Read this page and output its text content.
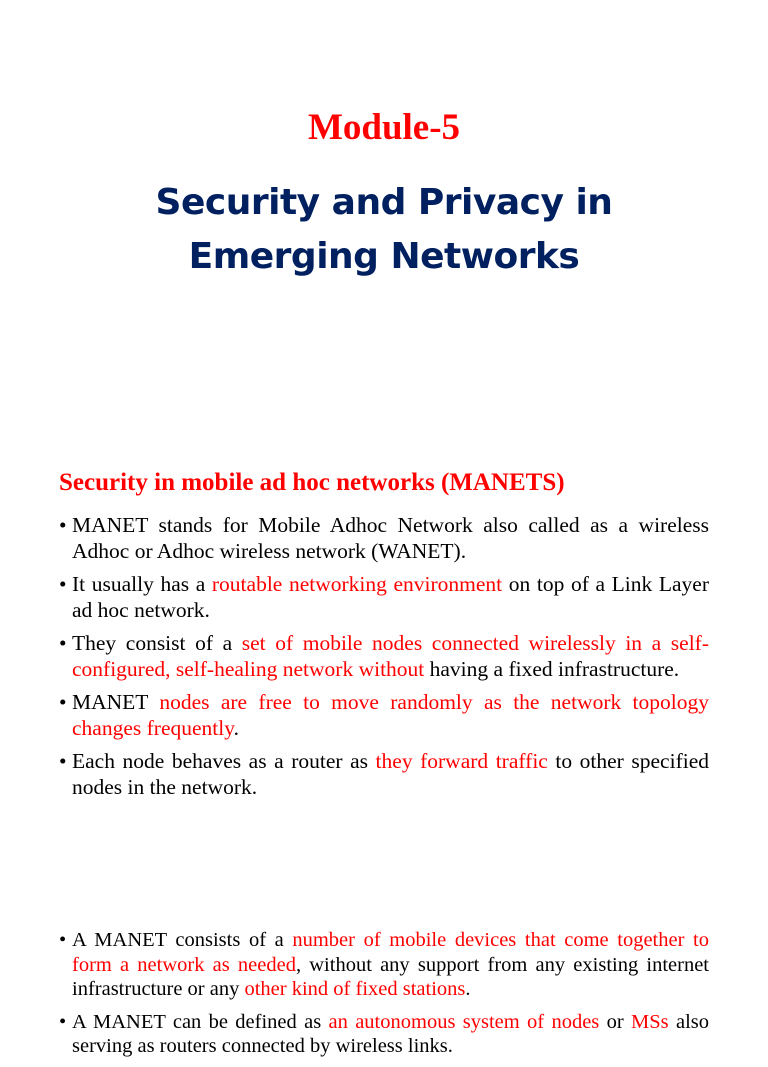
Module-5
Security and Privacy in
Emerging Networks
Security in mobile ad hoc networks (MANETS)
• MANET stands for Mobile Adhoc Network also called as a wireless Adhoc or Adhoc wireless network (WANET).
• It usually has a routable networking environment on top of a Link Layer ad hoc network.
• They consist of a set of mobile nodes connected wirelessly in a self-configured, self-healing network without having a fixed infrastructure.
• MANET nodes are free to move randomly as the network topology changes frequently.
• Each node behaves as a router as they forward traffic to other specified nodes in the network.
• A MANET consists of a number of mobile devices that come together to form a network as needed, without any support from any existing internet infrastructure or any other kind of fixed stations.
• A MANET can be defined as an autonomous system of nodes or MSs also serving as routers connected by wireless links.
